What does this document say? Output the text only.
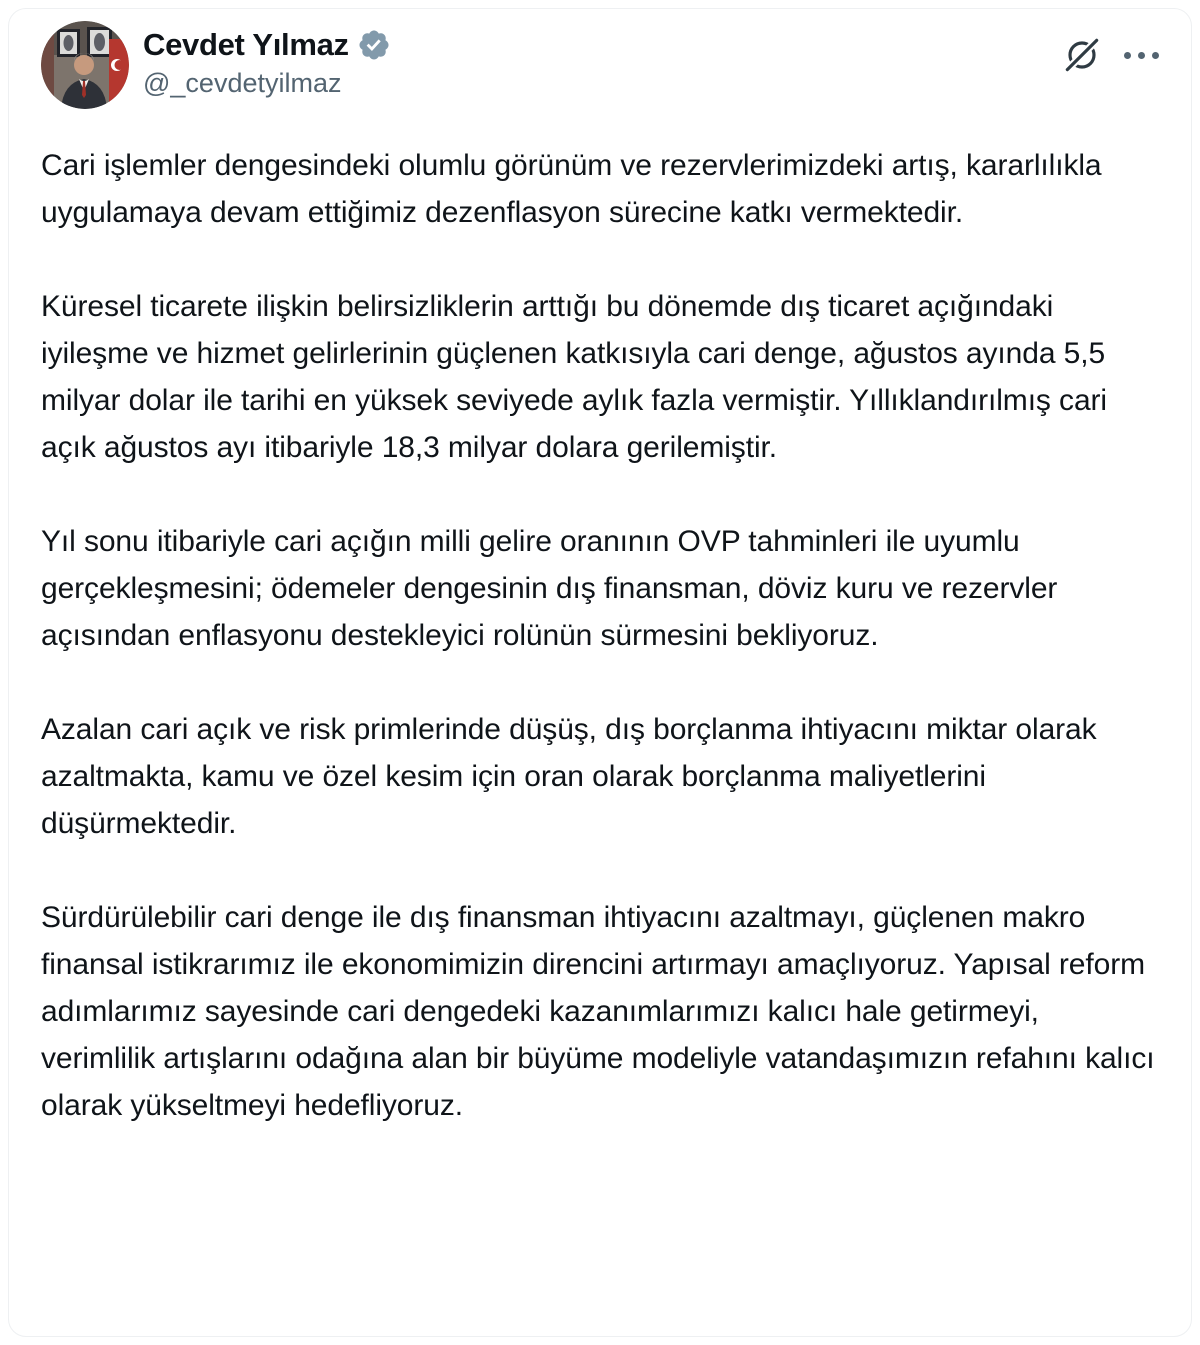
Cevdet Yılmaz
@_cevdetyilmaz

Cari işlemler dengesindeki olumlu görünüm ve rezervlerimizdeki artış, kararlılıkla uygulamaya devam ettiğimiz dezenflasyon sürecine katkı vermektedir.

Küresel ticarete ilişkin belirsizliklerin arttığı bu dönemde dış ticaret açığındaki iyileşme ve hizmet gelirlerinin güçlenen katkısıyla cari denge, ağustos ayında 5,5 milyar dolar ile tarihi en yüksek seviyede aylık fazla vermiştir. Yıllıklandırılmış cari açık ağustos ayı itibariyle 18,3 milyar dolara gerilemiştir.

Yıl sonu itibariyle cari açığın milli gelire oranının OVP tahminleri ile uyumlu gerçekleşmesini; ödemeler dengesinin dış finansman, döviz kuru ve rezervler açısından enflasyonu destekleyici rolünün sürmesini bekliyoruz.

Azalan cari açık ve risk primlerinde düşüş, dış borçlanma ihtiyacını miktar olarak azaltmakta, kamu ve özel kesim için oran olarak borçlanma maliyetlerini düşürmektedir.

Sürdürülebilir cari denge ile dış finansman ihtiyacını azaltmayı, güçlenen makro finansal istikrarımız ile ekonomimizin direncini artırmayı amaçlıyoruz. Yapısal reform adımlarımız sayesinde cari dengedeki kazanımlarımızı kalıcı hale getirmeyi, verimlilik artışlarını odağına alan bir büyüme modeliyle vatandaşımızın refahını kalıcı olarak yükseltmeyi hedefliyoruz.
